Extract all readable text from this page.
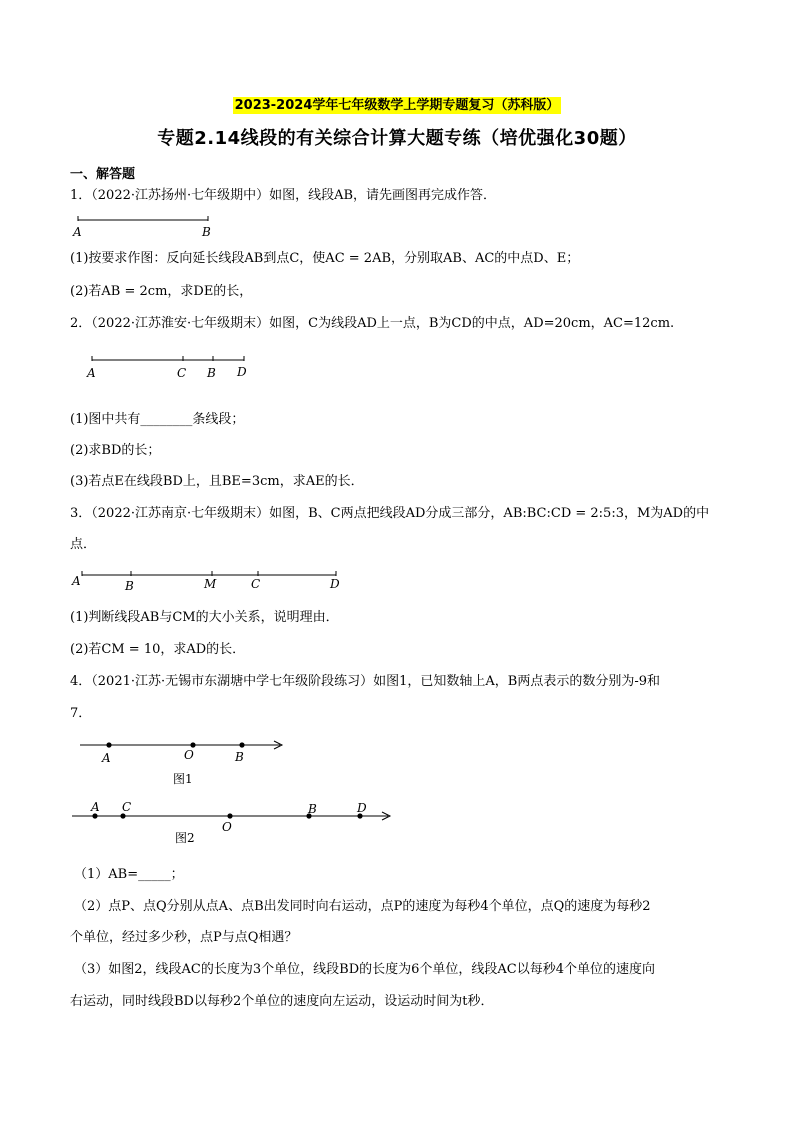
2023-2024学年七年级数学上学期专题复习（苏科版）
专题2.14线段的有关综合计算大题专练（培优强化30题）
一、解答题
1．（2022·江苏扬州·七年级期中）如图，线段AB，请先画图再完成作答．
A	B
(1)按要求作图：反向延长线段AB到点C，使AC = 2AB，分别取AB、AC的中点D、E；
(2)若AB = 2cm，求DE的长，
2．（2022·江苏淮安·七年级期末）如图，C为线段AD上一点，B为CD的中点，AD=20cm，AC=12cm.
A	C B D
(1)图中共有________条线段；
(2)求BD的长；
(3)若点E在线段BD上，且BE=3cm，求AE的长．
3．（2022·江苏南京·七年级期末）如图，B、C两点把线段AD分成三部分，AB:BC:CD = 2:5:3，M为AD的中
点．
A	B	M	C	D
(1)判断线段AB与CM的大小关系，说明理由．
(2)若CM = 10，求AD的长．
4．（2021·江苏·无锡市东湖塘中学七年级阶段练习）如图1，已知数轴上A，B两点表示的数分别为-9和
7．
A	O	B
图1
A C
O
B	D
图2
（1）AB=_____；
（2）点P、点Q分别从点A、点B出发同时向右运动，点P的速度为每秒4个单位，点Q的速度为每秒2
个单位，经过多少秒，点P与点Q相遇？
（3）如图2，线段AC的长度为3个单位，线段BD的长度为6个单位，线段AC以每秒4个单位的速度向
右运动，同时线段BD以每秒2个单位的速度向左运动，设运动时间为t秒．
